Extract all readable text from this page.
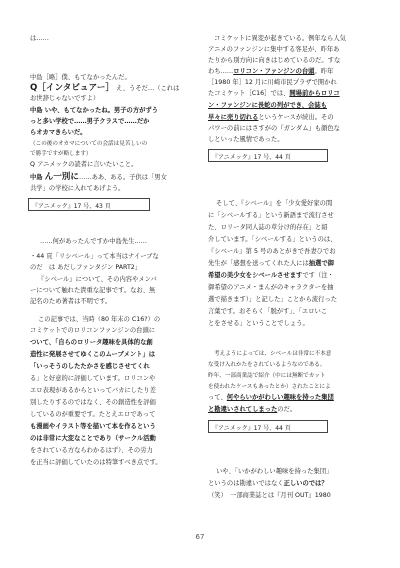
は……
中島［略］僕、もてなかったんだ。
Q［インタビュアー］ え、うそだ…（これは
お世辞じゃないですよ）
中島 いや、もてなかったね。男子の方がずう
っと多い学校で……男子クラスで……だか
らオカマきらいだ。
（この後のオカマについての会話は見苦しいの
で勝手ですが略します）
Q アニメックの読者に言いたいこと。
中島 ん一別に……ああ、ある。子供は「男女
共学」の学校に入れてあげよう。
『アニメック』17 号、43 頁
……何があったんですか中島先生……
・44 頁「リシベール」って本当はナイーブな
のだ　は あだしファンタジン PART2」
『シベール』について、その内容やメンバ
ーについて触れた貴重な記事です。なお、無
記名のため著者は不明です。
この記事では、当時（80 年末の C16?）の
コミケットでのロリコンファンジンの台頭に
ついて、「自らのロリータ趣味を具体的な創
造性に発展させてゆくこのムーブメント」は
「いっそうのしたたかさを感じさせてくれ
る」と好意的に評価しています。ロリコンや
エロ表現があるからといってバカにしたり差
別したりするのではなく、その創造性を評価
しているのが重要です。たとえエロであって
も漫画やイラスト等を描いて本を作るという
のは非常に大変なことであり（サークル活動
をされている方ならわかるはず）、その労力
を正当に評価していたのは特筆すべき点です。
コミケットに異変が起きている。例年なら人気
アニメのファンジンに集中する客足が、昨年あ
たりから別方向に向きはじめているのだ。すな
わち……ロリコン・ファンジンの台頭。昨年
［1980 年］12 月に川崎市民プラザで開かれ
たコミケット［C16］では、開場前からロリコ
ン・ファンジンに長蛇の列ができ、会誌も
早々に売り切れるというケースが続出。その
パワーの前にはさすがの『ガンダム』も顔色な
しといった風情であった。
『アニメック』17 号、44 頁
そして、『シベール』を「少女愛好家の間
に「シベールする」という新語まで流行させ
た、ロリータ同人誌の草分け的存在」と紹
介しています。「シベールする」というのは、
『シベール』第 5 号のあとがきで吾妻ひでお
先生が「感想を送ってくれた人には抽選で御
希望の美少女をシベールさせますです（注・
御希望のアニメ・まんがのキャラクターを抽
選で描きます）」と記した」ことから流行った
言葉です。おそらく「脱がす」、「エロいこ
とをさせる」ということでしょう。
考えようによっては、シベールは非常に不本意
な受け入れかたをされているようなのである。
昨年、一部商業誌で紹介（中には無断でカット
を使われたケースもあったとか）されたことによ
って、何やらいかがわしい趣味を持った集団
と勘違いされてしまったのだ。
『アニメック』17 号、44 頁
いや、「いかがわしい趣味を持った集団」
というのは勘違いではなく正しいのでは？
（笑）　一部商業誌とは『月刊 OUT』1980
67
